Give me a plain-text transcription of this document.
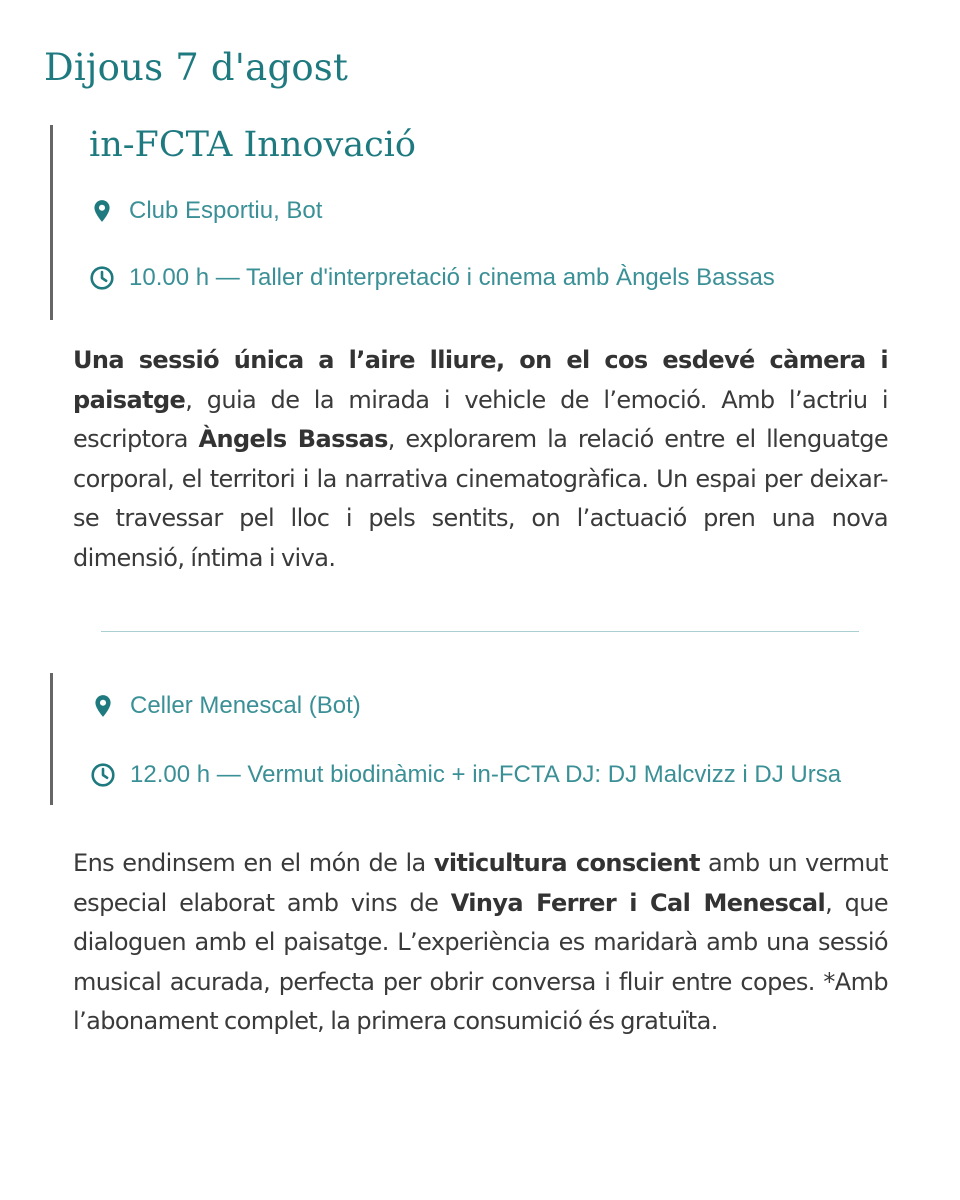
Dijous 7 d'agost
in-FCTA Innovació
Club Esportiu, Bot
10.00 h — Taller d'interpretació i cinema amb Àngels Bassas

Una sessió única a l’aire lliure, on el cos esdevé càmera i paisatge, guia de la mirada i vehicle de l’emoció. Amb l’actriu i escriptora Àngels Bassas, explorarem la relació entre el llenguatge corporal, el territori i la narrativa cinematogràfica. Un espai per deixar-se travessar pel lloc i pels sentits, on l’actuació pren una nova dimensió, íntima i viva.

Celler Menescal (Bot)
12.00 h — Vermut biodinàmic + in-FCTA DJ: DJ Malcvizz i DJ Ursa

Ens endinsem en el món de la viticultura conscient amb un vermut especial elaborat amb vins de Vinya Ferrer i Cal Menescal, que dialoguen amb el paisatge. L’experiència es maridarà amb una sessió musical acurada, perfecta per obrir conversa i fluir entre copes. *Amb l’abonament complet, la primera consumició és gratuïta.
